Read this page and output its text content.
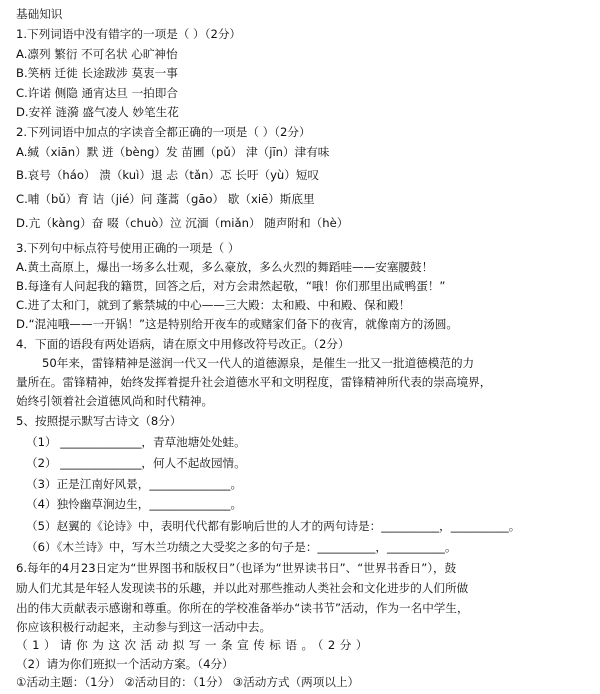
基础知识
1.下列词语中没有错字的一项是（ ）（2分）
A.凛列 繁衍 不可名状 心旷神怡
B.笑柄 迁徙 长途跋涉 莫衷一事
C.许诺 侧隐 通宵达旦 一拍即合
D.安祥 涟漪 盛气凌人 妙笔生花
2.下列词语中加点的字读音全都正确的一项是（ ）（2分）
A.缄（xiān）默 迸（bèng）发 苗圃（pǔ） 津（jīn）津有味
B.哀号（háo） 溃（kuì）退 忐（tǎn）忑 长吁（yù）短叹
C.哺（bǔ）育 诘（jié）问 蓬蒿（gāo） 歇（xiē）斯底里
D.亢（kàng）奋 啜（chuò）泣 沉湎（miǎn） 随声附和（hè）
3.下列句中标点符号使用正确的一项是（ ）
A.黄土高原上，爆出一场多么壮观，多么豪放，多么火烈的舞蹈哇——安塞腰鼓！
B.每逢有人问起我的籍贯，回答之后，对方会肃然起敬，“哦！你们那里出咸鸭蛋！”
C.进了太和门，就到了紫禁城的中心——三大殿：太和殿、中和殿、保和殿！
D.“混沌哦——一开锅！”这是特别给开夜车的或赌家们备下的夜宵，就像南方的汤圆。
4．下面的语段有两处语病，请在原文中用修改符号改正。（2分）
50年来，雷锋精神是滋润一代又一代人的道德源泉，是催生一批又一批道德模范的力
量所在。雷锋精神，始终发挥着提升社会道德水平和文明程度，雷锋精神所代表的崇高境界，
始终引领着社会道德风尚和时代精神。
5、按照提示默写古诗文（8分）
（1） ______________，青草池塘处处蛙。
（2） ______________，何人不起故园情。
（3）正是江南好风景，______________。
（4）独怜幽草涧边生，______________。
（5）赵翼的《论诗》中，表明代代都有影响后世的人才的两句诗是：__________，__________。
（6）《木兰诗》中，写木兰功绩之大受奖之多的句子是：__________，__________。
6.每年的4月23日定为“世界图书和版权日”（也译为“世界读书日”、“世界书香日”），鼓
励人们尤其是年轻人发现读书的乐趣，并以此对那些推动人类社会和文化进步的人们所做
出的伟大贡献表示感谢和尊重。你所在的学校准备举办“读书节”活动，作为一名中学生，
你应该积极行动起来，主动参与到这一活动中去。
（1）请你为这次活动拟写一条宣传标语。（2分）
（2）请为你们班拟一个活动方案。（4分）
①活动主题：（1分） ②活动目的：（1分） ③活动方式（两项以上）
